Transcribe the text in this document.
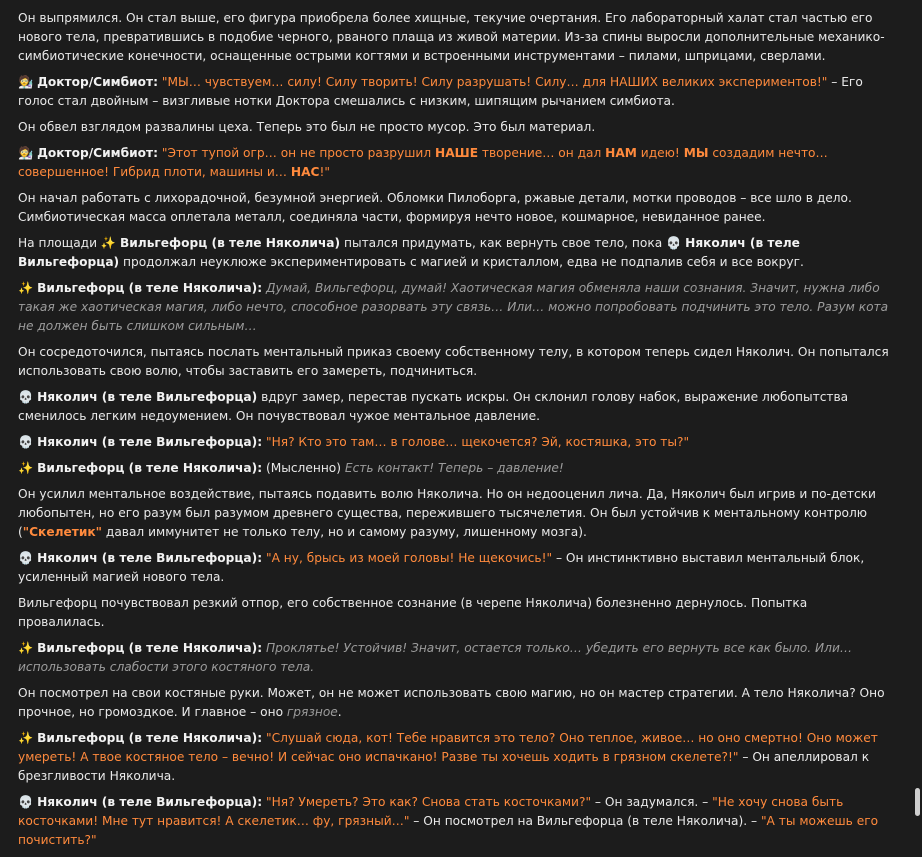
Он выпрямился. Он стал выше, его фигура приобрела более хищные, текучие очертания. Его лабораторный халат стал частью его нового тела, превратившись в подобие черного, рваного плаща из живой материи. Из-за спины выросли дополнительные механико-симбиотические конечности, оснащенные острыми когтями и встроенными инструментами – пилами, шприцами, сверлами.

🧑‍🔬 Доктор/Симбиот: "МЫ… чувствуем… силу! Силу творить! Силу разрушать! Силу… для НАШИХ великих экспериментов!" – Его голос стал двойным – визгливые нотки Доктора смешались с низким, шипящим рычанием симбиота.

Он обвел взглядом развалины цеха. Теперь это был не просто мусор. Это был материал.

🧑‍🔬 Доктор/Симбиот: "Этот тупой огр… он не просто разрушил НАШЕ творение… он дал НАМ идею! МЫ создадим нечто… совершенное! Гибрид плоти, машины и… НАС!"

Он начал работать с лихорадочной, безумной энергией. Обломки Пилоборга, ржавые детали, мотки проводов – все шло в дело. Симбиотическая масса оплетала металл, соединяла части, формируя нечто новое, кошмарное, невиданное ранее.

На площади ✨ Вильгефорц (в теле Няколича) пытался придумать, как вернуть свое тело, пока 💀 Няколич (в теле Вильгефорца) продолжал неуклюже экспериментировать с магией и кристаллом, едва не подпалив себя и все вокруг.

✨ Вильгефорц (в теле Няколича): Думай, Вильгефорц, думай! Хаотическая магия обменяла наши сознания. Значит, нужна либо такая же хаотическая магия, либо нечто, способное разорвать эту связь… Или… можно попробовать подчинить это тело. Разум кота не должен быть слишком сильным…

Он сосредоточился, пытаясь послать ментальный приказ своему собственному телу, в котором теперь сидел Няколич. Он попытался использовать свою волю, чтобы заставить его замереть, подчиниться.

💀 Няколич (в теле Вильгефорца) вдруг замер, перестав пускать искры. Он склонил голову набок, выражение любопытства сменилось легким недоумением. Он почувствовал чужое ментальное давление.

💀 Няколич (в теле Вильгефорца): "Ня? Кто это там… в голове… щекочется? Эй, костяшка, это ты?"

✨ Вильгефорц (в теле Няколича): (Мысленно) Есть контакт! Теперь – давление!

Он усилил ментальное воздействие, пытаясь подавить волю Няколича. Но он недооценил лича. Да, Няколич был игрив и по-детски любопытен, но его разум был разумом древнего существа, пережившего тысячелетия. Он был устойчив к ментальному контролю ("Скелетик" давал иммунитет не только телу, но и самому разуму, лишенному мозга).

💀 Няколич (в теле Вильгефорца): "А ну, брысь из моей головы! Не щекочись!" – Он инстинктивно выставил ментальный блок, усиленный магией нового тела.

Вильгефорц почувствовал резкий отпор, его собственное сознание (в черепе Няколича) болезненно дернулось. Попытка провалилась.

✨ Вильгефорц (в теле Няколича): Проклятье! Устойчив! Значит, остается только… убедить его вернуть все как было. Или… использовать слабости этого костяного тела.

Он посмотрел на свои костяные руки. Может, он не может использовать свою магию, но он мастер стратегии. А тело Няколича? Оно прочное, но громоздкое. И главное – оно грязное.

✨ Вильгефорц (в теле Няколича): "Слушай сюда, кот! Тебе нравится это тело? Оно теплое, живое… но оно смертно! Оно может умереть! А твое костяное тело – вечно! И сейчас оно испачкано! Разве ты хочешь ходить в грязном скелете?!" – Он апеллировал к брезгливости Няколича.

💀 Няколич (в теле Вильгефорца): "Ня? Умереть? Это как? Снова стать косточками?" – Он задумался. – "Не хочу снова быть косточками! Мне тут нравится! А скелетик… фу, грязный…" – Он посмотрел на Вильгефорца (в теле Няколича). – "А ты можешь его почистить?"
